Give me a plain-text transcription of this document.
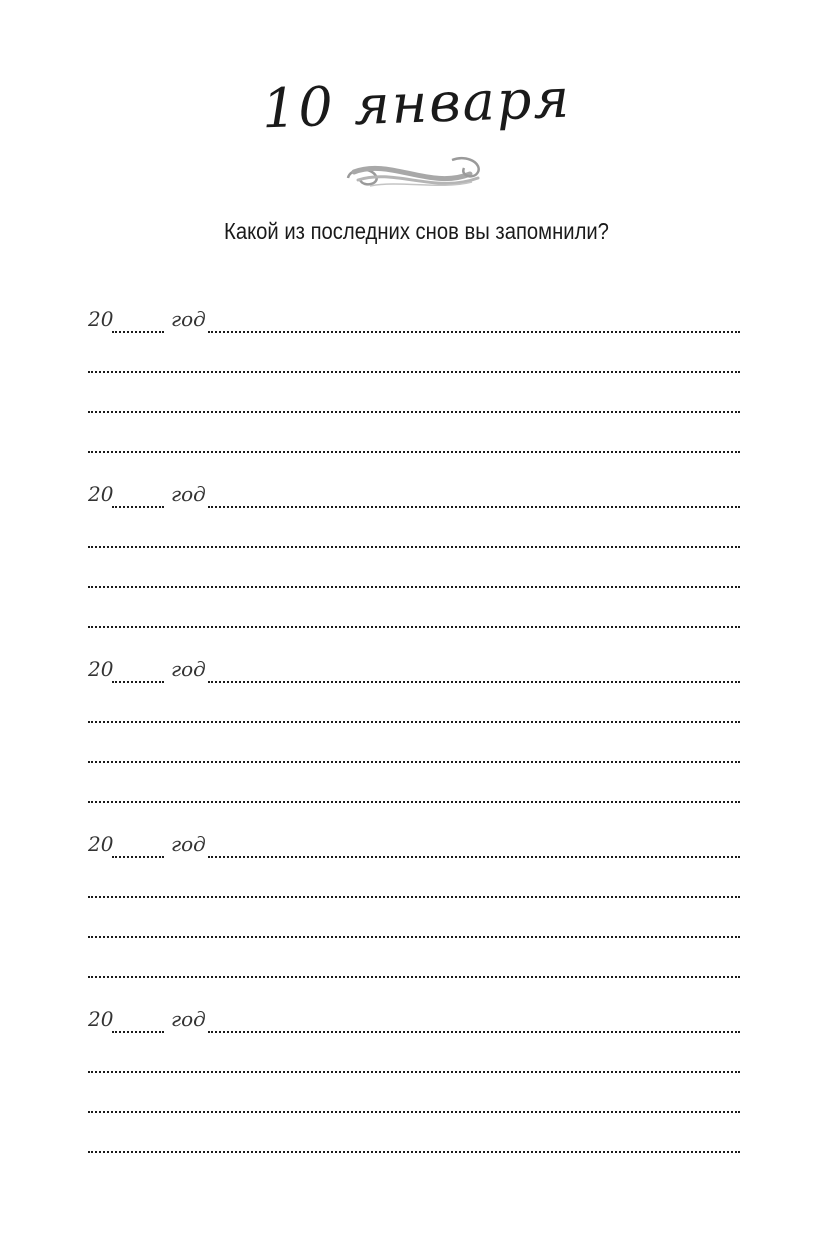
10 января
Какой из последних снов вы запомнили?
20	год
20	год
20	год
20	год
20	год
